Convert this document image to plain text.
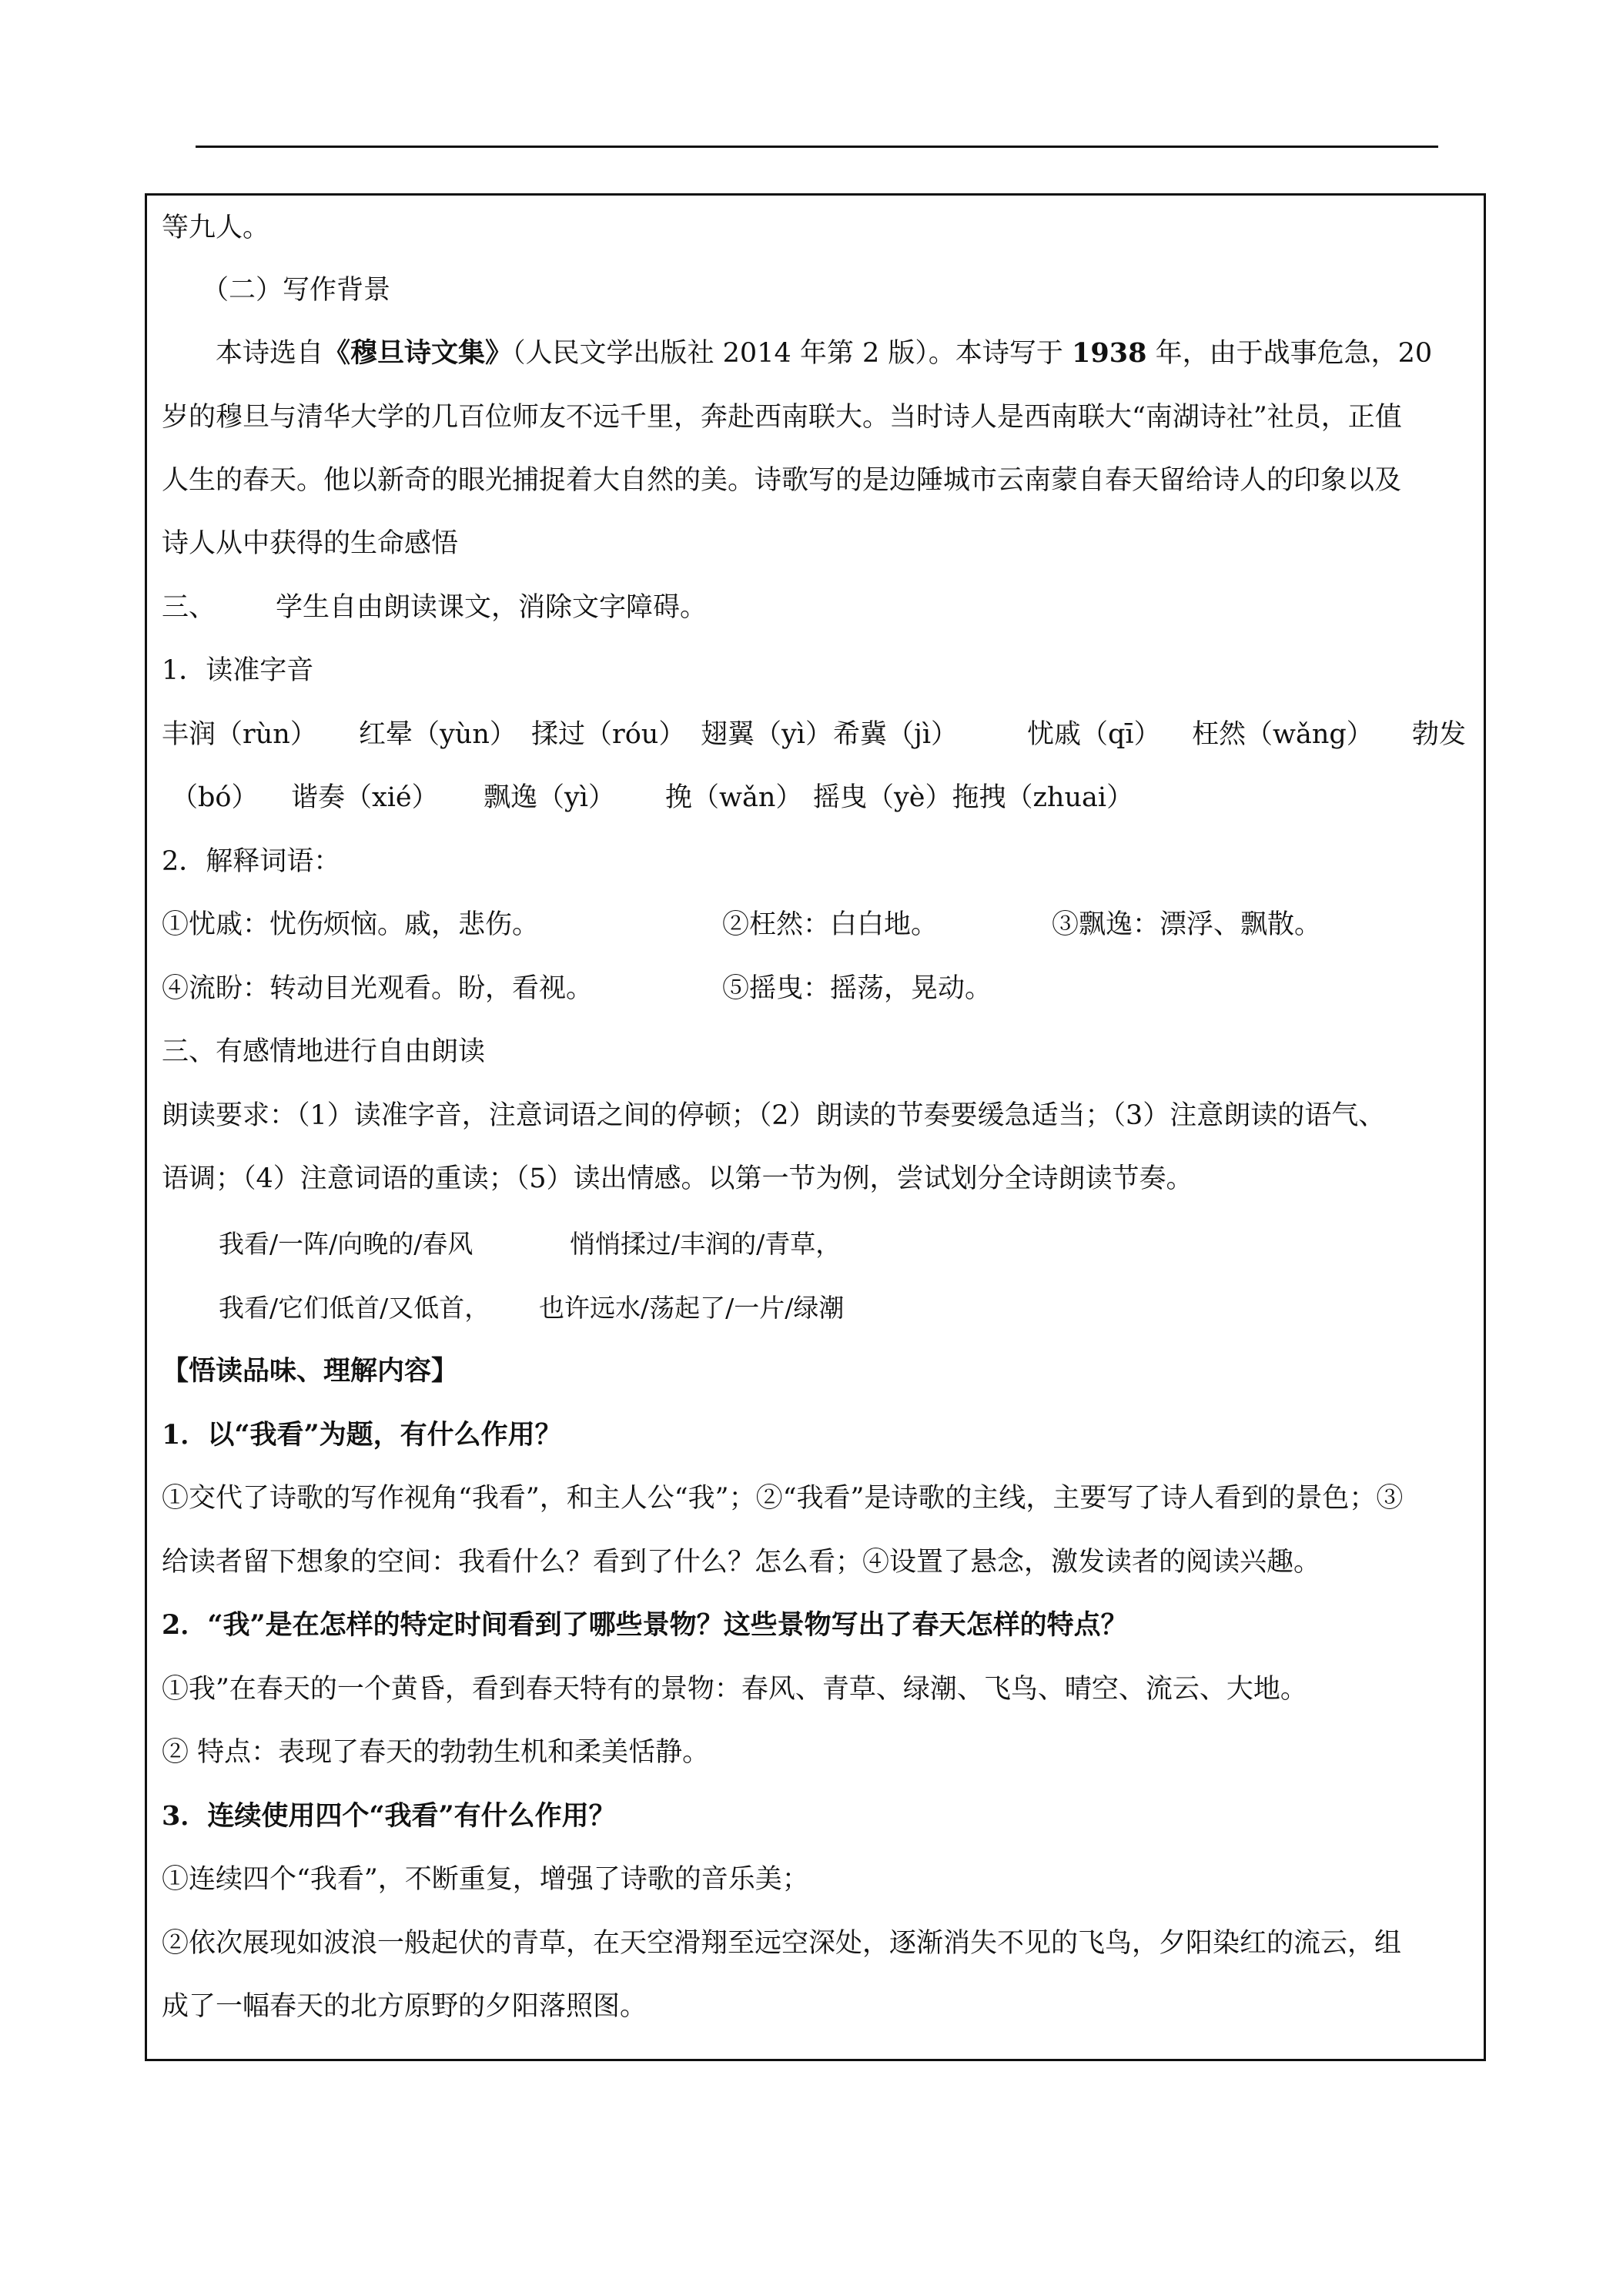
等九人。
（二）写作背景
本诗选自《穆旦诗文集》（人民文学出版社 2014 年第 2 版）。本诗写于 1938 年，由于战事危急，20
岁的穆旦与清华大学的几百位师友不远千里，奔赴西南联大。当时诗人是西南联大“南湖诗社”社员，正值
人生的春天。他以新奇的眼光捕捉着大自然的美。诗歌写的是边陲城市云南蒙自春天留给诗人的印象以及
诗人从中获得的生命感悟
三、 学生自由朗读课文，消除文字障碍。
1．读准字音
丰润（rùn） 红晕（yùn） 揉过（róu） 翅翼（yì） 希冀（jì）	忧戚（qī） 枉然（wǎng） 勃发
（bó） 谐奏（xié） 飘逸（yì） 挽（wǎn） 摇曳（yè）拖拽（zhuai）
2．解释词语：
①忧戚：忧伤烦恼。戚，悲伤。	②枉然：白白地。	③飘逸：漂浮、飘散。
④流盼：转动目光观看。盼，看视。	⑤摇曳：摇荡，晃动。
三、有感情地进行自由朗读
朗读要求：（1）读准字音，注意词语之间的停顿；（2）朗读的节奏要缓急适当；（3）注意朗读的语气、
语调；（4）注意词语的重读；（5）读出情感。以第一节为例，尝试划分全诗朗读节奏。
我看/一阵/向晚的/春风	悄悄揉过/丰润的/青草，
我看/它们低首/又低首， 也许远水/荡起了/一片/绿潮
【悟读品味、理解内容】
1．以“我看”为题，有什么作用？
①交代了诗歌的写作视角“我看”，和主人公“我”；②“我看”是诗歌的主线，主要写了诗人看到的景色；③
给读者留下想象的空间：我看什么？看到了什么？怎么看；④设置了悬念，激发读者的阅读兴趣。
2．“我”是在怎样的特定时间看到了哪些景物？这些景物写出了春天怎样的特点？
①我”在春天的一个黄昏，看到春天特有的景物：春风、青草、绿潮、飞鸟、晴空、流云、大地。
② 特点：表现了春天的勃勃生机和柔美恬静。
3．连续使用四个“我看”有什么作用？
①连续四个“我看”，不断重复，增强了诗歌的音乐美；
②依次展现如波浪一般起伏的青草，在天空滑翔至远空深处，逐渐消失不见的飞鸟，夕阳染红的流云，组
成了一幅春天的北方原野的夕阳落照图。
